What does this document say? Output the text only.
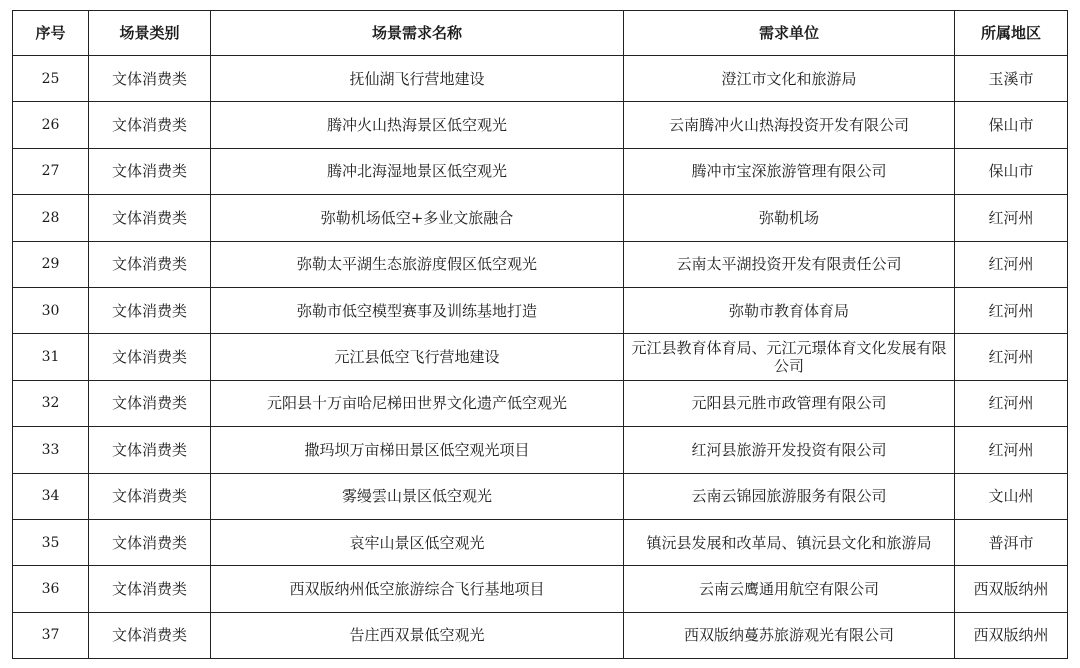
序号	场景类别	场景需求名称	需求单位	所属地区
25	文体消费类	抚仙湖飞行营地建设	澄江市文化和旅游局	玉溪市
26	文体消费类	腾冲火山热海景区低空观光	云南腾冲火山热海投资开发有限公司	保山市
27	文体消费类	腾冲北海湿地景区低空观光	腾冲市宝深旅游管理有限公司	保山市
28	文体消费类	弥勒机场低空+多业文旅融合	弥勒机场	红河州
29	文体消费类	弥勒太平湖生态旅游度假区低空观光	云南太平湖投资开发有限责任公司	红河州
30	文体消费类	弥勒市低空模型赛事及训练基地打造	弥勒市教育体育局	红河州
31	文体消费类	元江县低空飞行营地建设	元江县教育体育局、元江元璟体育文化发展有限公司	红河州
32	文体消费类	元阳县十万亩哈尼梯田世界文化遗产低空观光	元阳县元胜市政管理有限公司	红河州
33	文体消费类	撒玛坝万亩梯田景区低空观光项目	红河县旅游开发投资有限公司	红河州
34	文体消费类	雾缦雲山景区低空观光	云南云锦园旅游服务有限公司	文山州
35	文体消费类	哀牢山景区低空观光	镇沅县发展和改革局、镇沅县文化和旅游局	普洱市
36	文体消费类	西双版纳州低空旅游综合飞行基地项目	云南云鹰通用航空有限公司	西双版纳州
37	文体消费类	告庄西双景低空观光	西双版纳蔓苏旅游观光有限公司	西双版纳州
